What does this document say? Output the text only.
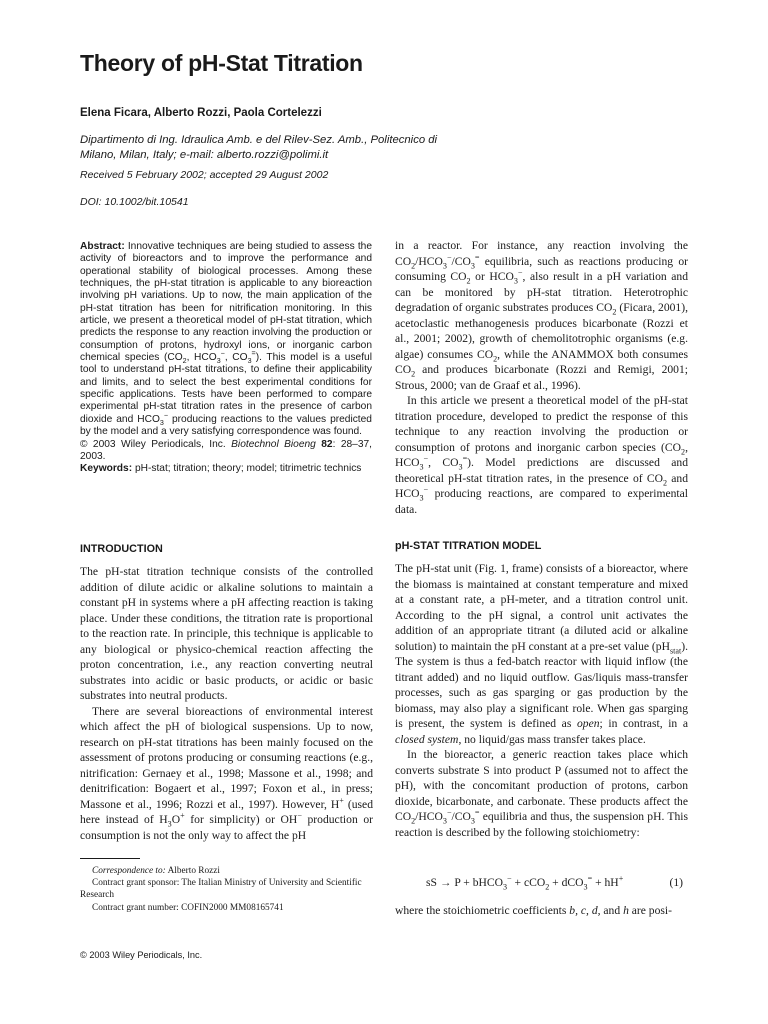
Theory of pH-Stat Titration
Elena Ficara, Alberto Rozzi, Paola Cortelezzi
Dipartimento di Ing. Idraulica Amb. e del Rilev-Sez. Amb., Politecnico di
Milano, Milan, Italy; e-mail: alberto.rozzi@polimi.it
Received 5 February 2002; accepted 29 August 2002
DOI: 10.1002/bit.10541

Abstract: Innovative techniques are being studied to assess the activity of bioreactors and to improve the performance and operational stability of biological processes. Among these techniques, the pH-stat titration is applicable to any bioreaction involving pH variations. Up to now, the main application of the pH-stat titration has been for nitrification monitoring. In this article, we present a theoretical model of pH-stat titration, which predicts the response to any reaction involving the production or consumption of protons, hydroxyl ions, or inorganic carbon chemical species ($CO_2$, $HCO_3^-$, $CO_3^=$). This model is a useful tool to understand pH-stat titrations, to define their applicability and limits, and to select the best experimental conditions for specific applications. Tests have been performed to compare experimental pH-stat titration rates in the presence of carbon dioxide and $HCO_3^-$ producing reactions to the values predicted by the model and a very satisfying correspondence was found.

© 2003 Wiley Periodicals, Inc. Biotechnol Bioeng 82: 28–37, 2003.

Keywords: pH-stat; titration; theory; model; titrimetric technics

INTRODUCTION

The pH-stat titration technique consists of the controlled addition of dilute acidic or alkaline solutions to maintain a constant pH in systems where a pH affecting reaction is taking place. Under these conditions, the titration rate is proportional to the reaction rate. In principle, this technique is applicable to any biological or physico-chemical reaction affecting the proton concentration, i.e., any reaction converting neutral substrates into acidic or basic products, or acidic or basic substrates into neutral products.

There are several bioreactions of environmental interest which affect the pH of biological suspensions. Up to now, research on pH-stat titrations has been mainly focused on the assessment of protons producing or consuming reactions (e.g., nitrification: Gernaey et al., 1998; Massone et al., 1998; and denitrification: Bogaert et al., 1997; Foxon et al., in press; Massone et al., 1996; Rozzi et al., 1997). However, H+ (used here instead of $H_3O^+$ for simplicity) or OH− production or consumption is not the only way to affect the pH

in a reactor. For instance, any reaction involving the $CO_2/HCO_3^-/CO_3^=$ equilibria, such as reactions producing or consuming $CO_2$ or $HCO_3^-$, also result in a pH variation and can be monitored by pH-stat titration. Heterotrophic degradation of organic substrates produces $CO_2$ (Ficara, 2001), acetoclastic methanogenesis produces bicarbonate (Rozzi et al., 2001; 2002), growth of chemolitotrophic organisms (e.g. algae) consumes $CO_2$, while the ANAMMOX both consumes $CO_2$ and produces bicarbonate (Rozzi and Remigi, 2001; Strous, 2000; van de Graaf et al., 1996).

In this article we present a theoretical model of the pH-stat titration procedure, developed to predict the response of this technique to any reaction involving the production or consumption of protons and inorganic carbon species ($CO_2$, $HCO_3^-$, $CO_3^=$). Model predictions are discussed and theoretical pH-stat titration rates, in the presence of $CO_2$ and $HCO_3^-$ producing reactions, are compared to experimental data.

pH-STAT TITRATION MODEL

The pH-stat unit (Fig. 1, frame) consists of a bioreactor, where the biomass is maintained at constant temperature and mixed at a constant rate, a pH-meter, and a titration control unit. According to the pH signal, a control unit activates the addition of an appropriate titrant (a diluted acid or alkaline solution) to maintain the pH constant at a pre-set value $(pH_{stat})$. The system is thus a fed-batch reactor with liquid inflow (the titrant added) and no liquid outflow. Gas/liquis mass-transfer processes, such as gas sparging or gas production by the biomass, may also play a significant role. When gas sparging is present, the system is defined as open; in contrast, in a closed system, no liquid/gas mass transfer takes place.

In the bioreactor, a generic reaction takes place which converts substrate S into product P (assumed not to affect the pH), with the concomitant production of protons, carbon dioxide, bicarbonate, and carbonate. These products affect the $CO_2/HCO_3^-/CO_3^=$ equilibria and thus, the suspension pH. This reaction is described by the following stoichiometry:

sS → P + bHCO$_3$− + cCO$_2$ + dCO$_3$= + hH+	(1)

where the stoichiometric coefficients b, c, d, and h are posi-

Correspondence to: Alberto Rozzi
Contract grant sponsor: The Italian Ministry of University and Scientific Research
Contract grant number: COFIN2000 MM08165741
© 2003 Wiley Periodicals, Inc.
